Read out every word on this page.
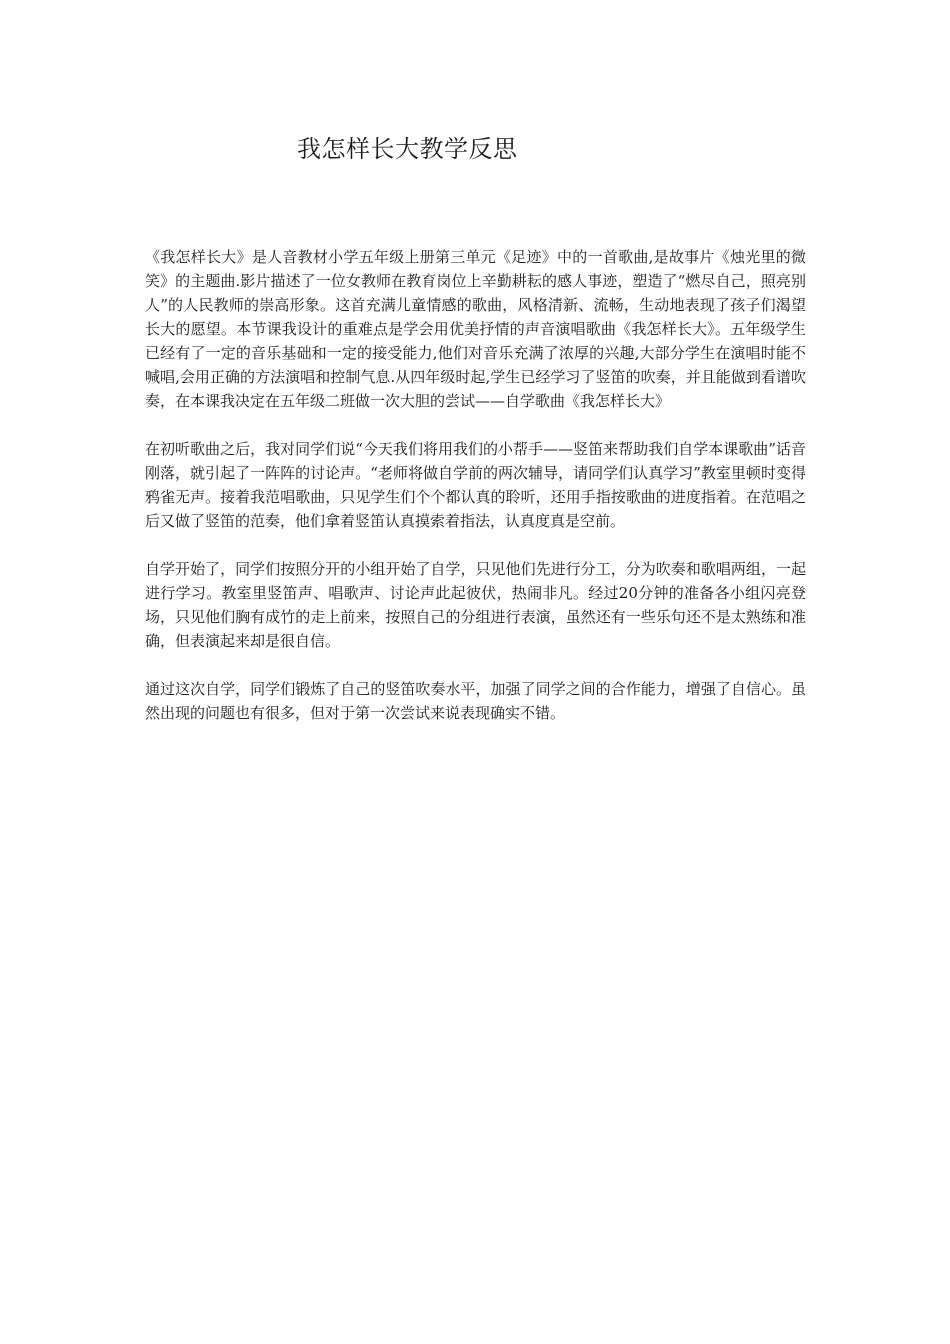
我怎样长大教学反思

《我怎样长大》是人音教材小学五年级上册第三单元《足迹》中的一首歌曲,是故事片《烛光里的微笑》的主题曲.影片描述了一位女教师在教育岗位上辛勤耕耘的感人事迹，塑造了“燃尽自己，照亮别人”的人民教师的崇高形象。这首充满儿童情感的歌曲，风格清新、流畅，生动地表现了孩子们渴望长大的愿望。本节课我设计的重难点是学会用优美抒情的声音演唱歌曲《我怎样长大》。五年级学生已经有了一定的音乐基础和一定的接受能力,他们对音乐充满了浓厚的兴趣,大部分学生在演唱时能不喊唱,会用正确的方法演唱和控制气息.从四年级时起,学生已经学习了竖笛的吹奏，并且能做到看谱吹奏，在本课我决定在五年级二班做一次大胆的尝试——自学歌曲《我怎样长大》

在初听歌曲之后，我对同学们说“今天我们将用我们的小帮手——竖笛来帮助我们自学本课歌曲”话音刚落，就引起了一阵阵的讨论声。“老师将做自学前的两次辅导，请同学们认真学习”教室里顿时变得鸦雀无声。接着我范唱歌曲，只见学生们个个都认真的聆听，还用手指按歌曲的进度指着。在范唱之后又做了竖笛的范奏，他们拿着竖笛认真摸索着指法，认真度真是空前。

自学开始了，同学们按照分开的小组开始了自学，只见他们先进行分工，分为吹奏和歌唱两组，一起进行学习。教室里竖笛声、唱歌声、讨论声此起彼伏，热闹非凡。经过20分钟的准备各小组闪亮登场，只见他们胸有成竹的走上前来，按照自己的分组进行表演，虽然还有一些乐句还不是太熟练和准确，但表演起来却是很自信。

通过这次自学，同学们锻炼了自己的竖笛吹奏水平，加强了同学之间的合作能力，增强了自信心。虽然出现的问题也有很多，但对于第一次尝试来说表现确实不错。
